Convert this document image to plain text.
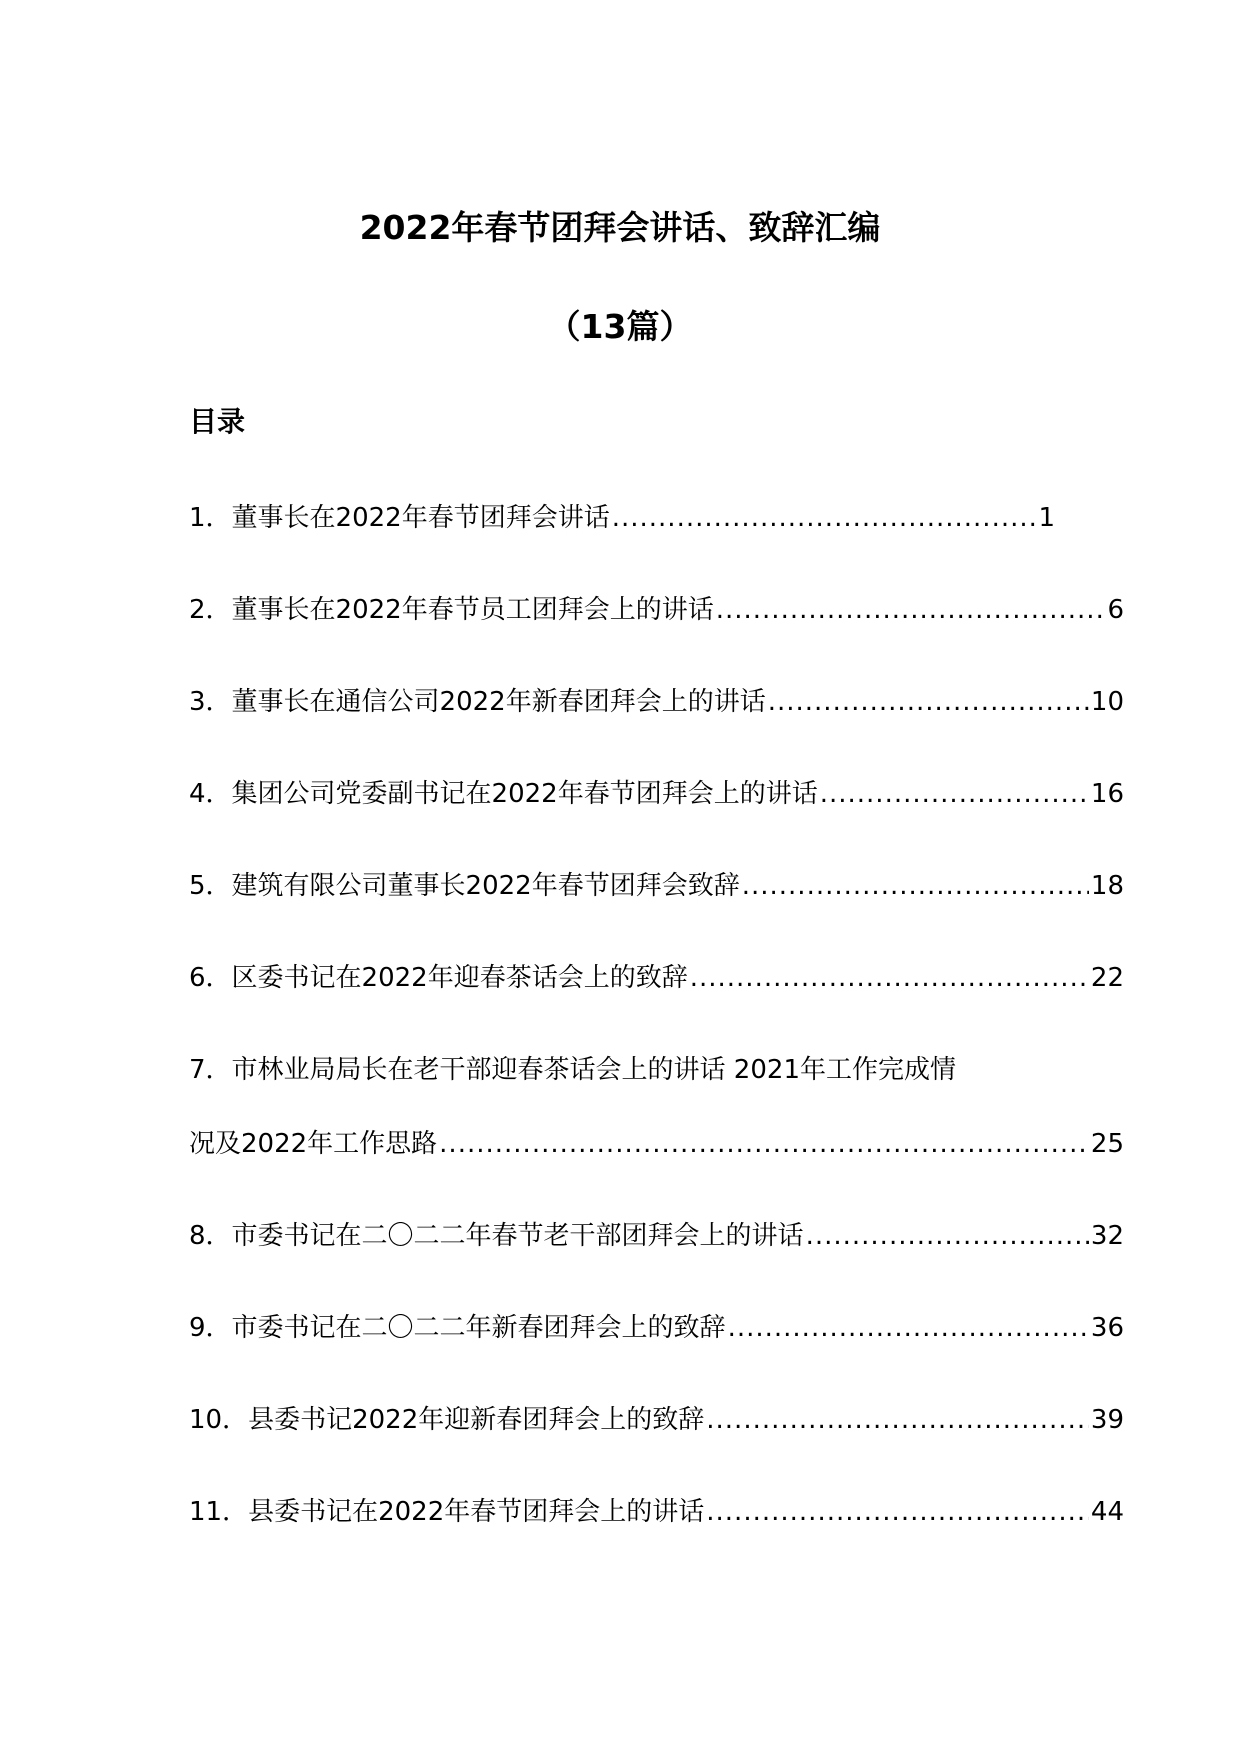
2022年春节团拜会讲话、致辞汇编
（13篇）
目录
1．董事长在2022年春节团拜会讲话 .....	1
2．董事长在2022年春节员工团拜会上的讲话 .....	6
3．董事长在通信公司2022年新春团拜会上的讲话 .....	10
4．集团公司党委副书记在2022年春节团拜会上的讲话 .....	16
5．建筑有限公司董事长2022年春节团拜会致辞 .....	18
6．区委书记在2022年迎春茶话会上的致辞 .....	22
7．市林业局局长在老干部迎春茶话会上的讲话 2021年工作完成情
况及2022年工作思路 .....	25
8．市委书记在二〇二二年春节老干部团拜会上的讲话 .....	32
9．市委书记在二〇二二年新春团拜会上的致辞 .....	36
10．县委书记2022年迎新春团拜会上的致辞 .....	39
11．县委书记在2022年春节团拜会上的讲话 .....	44
